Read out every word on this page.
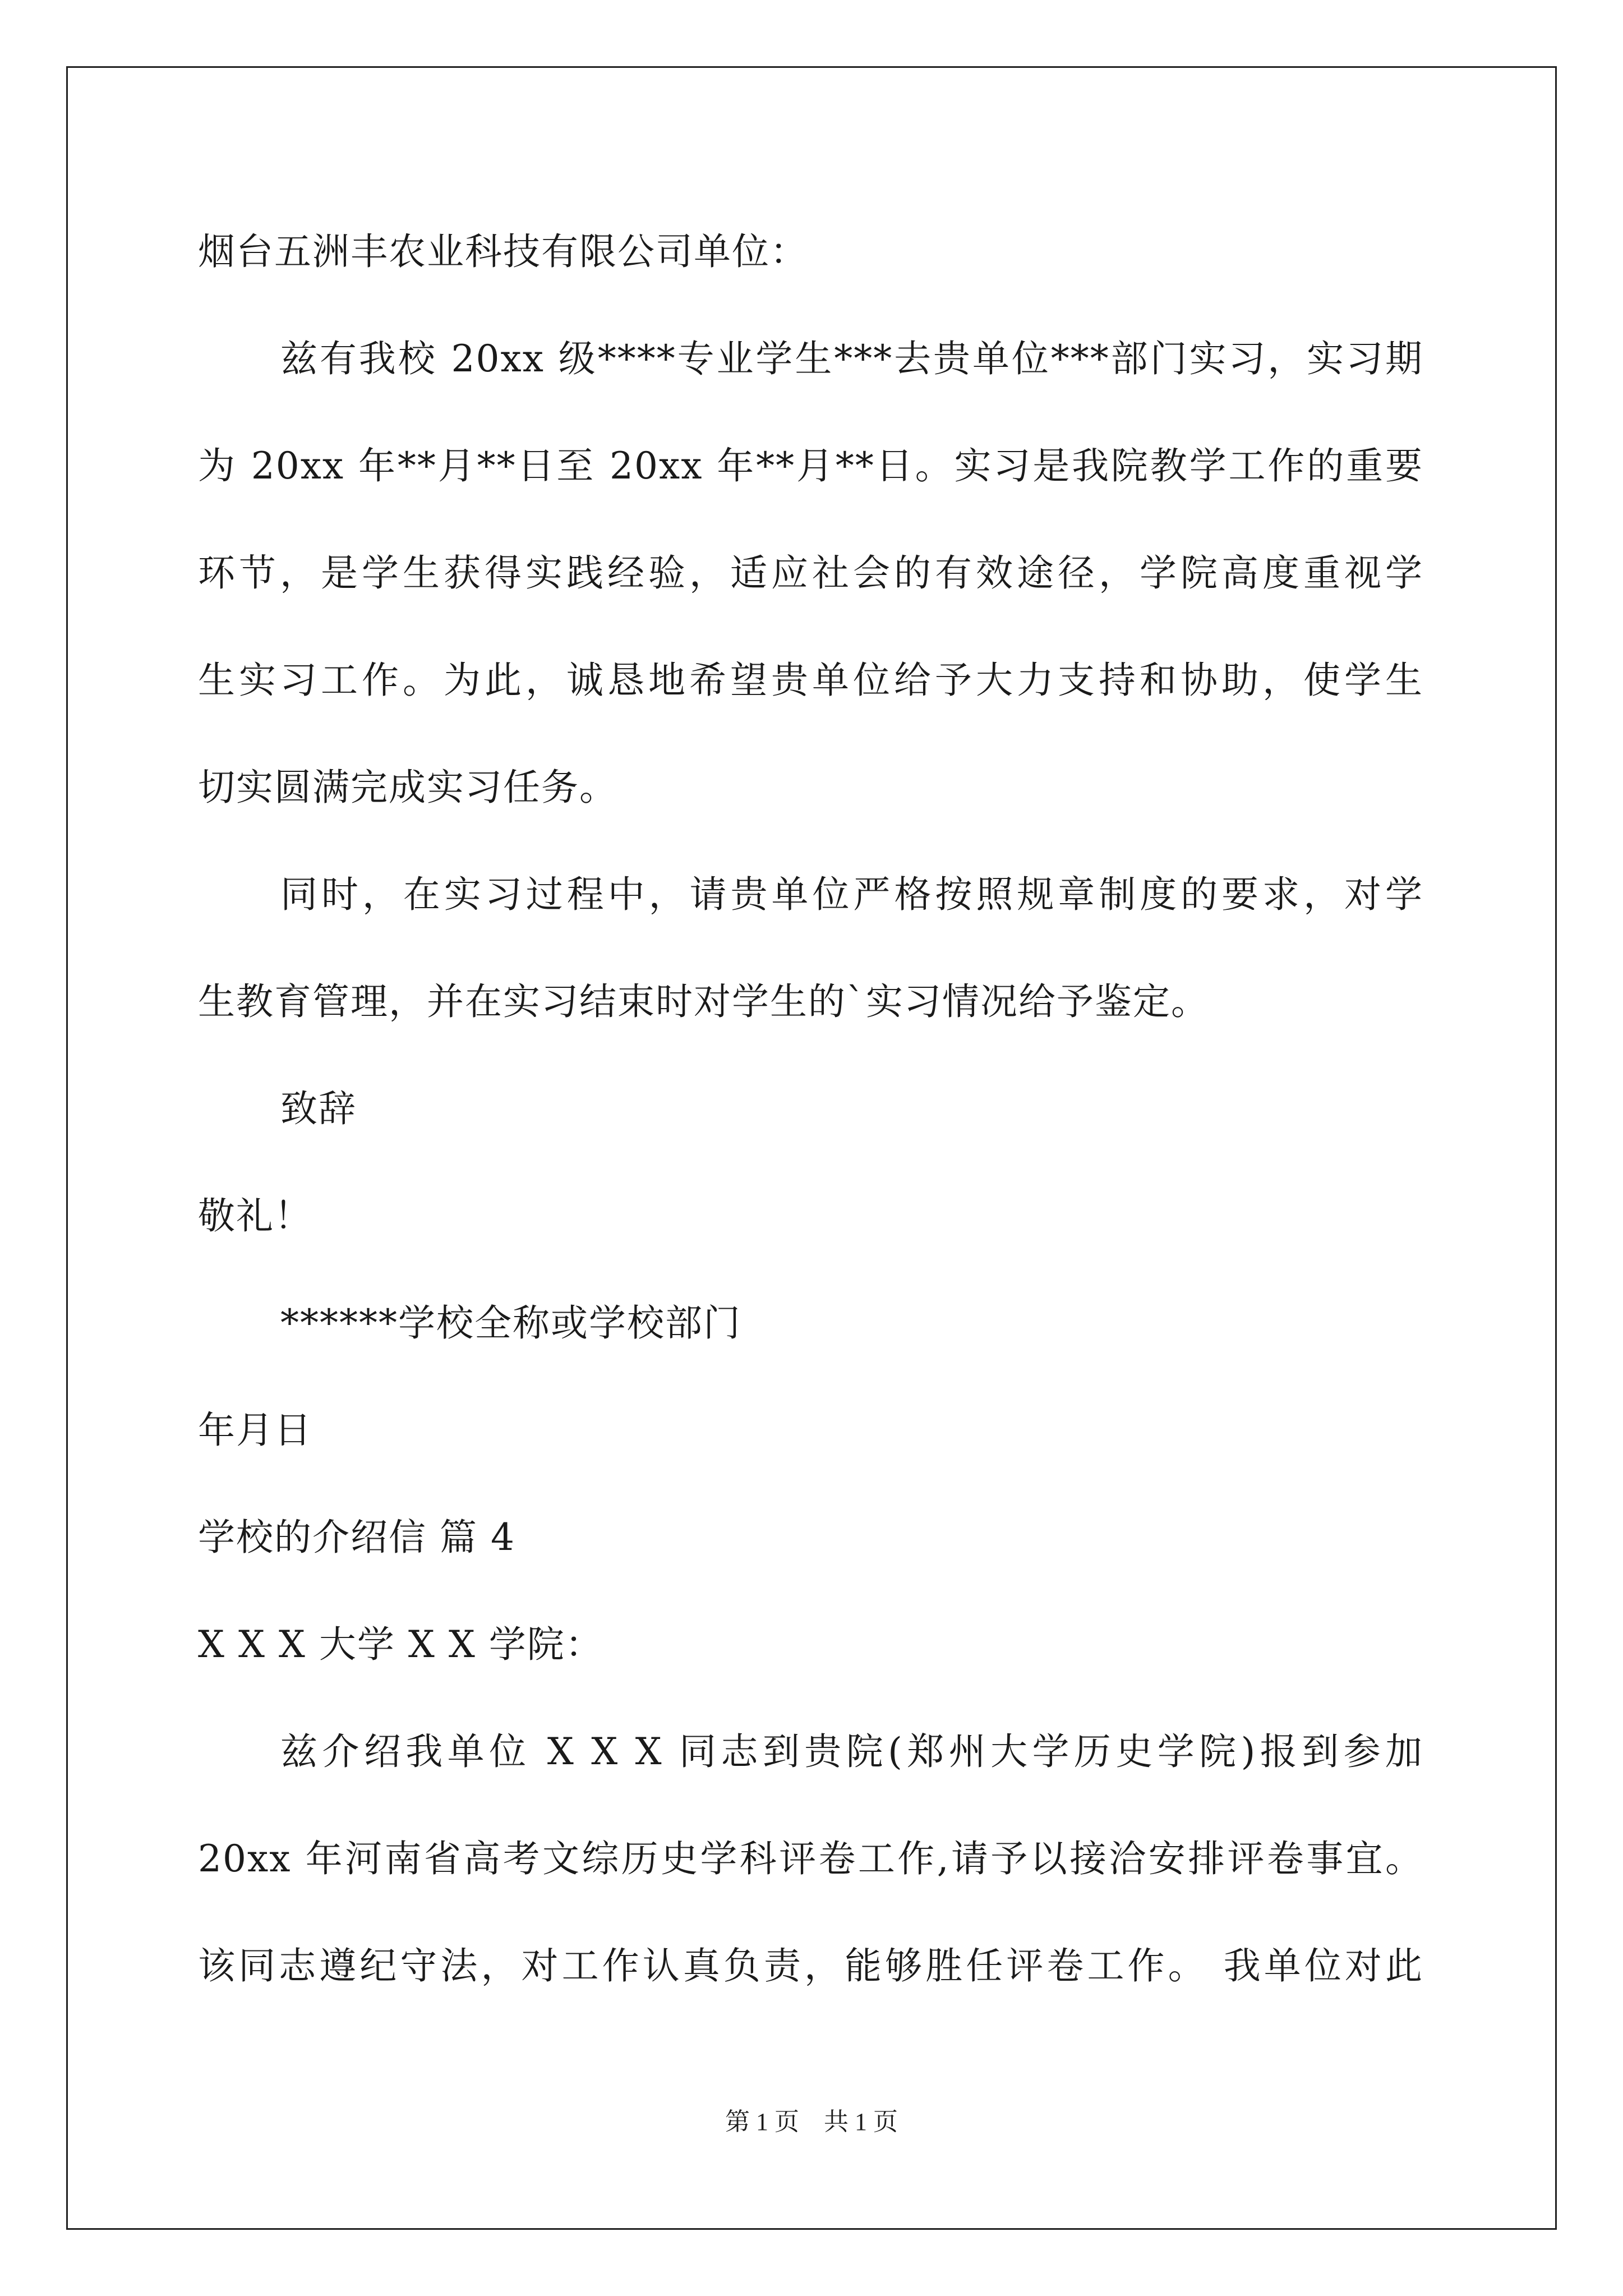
烟台五洲丰农业科技有限公司单位：
兹有我校 20xx 级****专业学生***去贵单位***部门实习，实习期
为 20xx 年**月**日至 20xx 年**月**日。实习是我院教学工作的重要
环节，是学生获得实践经验，适应社会的有效途径，学院高度重视学
生实习工作。为此，诚恳地希望贵单位给予大力支持和协助，使学生
切实圆满完成实习任务。
同时，在实习过程中，请贵单位严格按照规章制度的要求，对学
生教育管理，并在实习结束时对学生的`实习情况给予鉴定。
致辞
敬礼！
******学校全称或学校部门
年月日
学校的介绍信 篇 4
X X X 大学 X X 学院：
兹介绍我单位 X X X 同志到贵院(郑州大学历史学院)报到参加
20xx 年河南省高考文综历史学科评卷工作,请予以接洽安排评卷事宜。
该同志遵纪守法，对工作认真负责，能够胜任评卷工作。 我单位对此
第 1 页　共 1 页
